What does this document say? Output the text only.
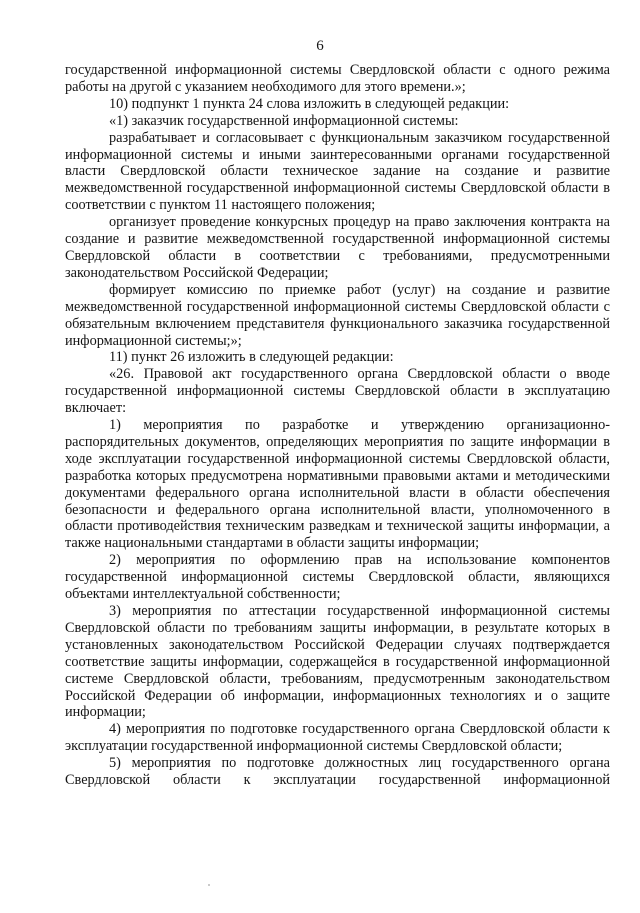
6

государственной информационной системы Свердловской области с одного режима работы на другой с указанием необходимого для этого времени.»;

10) подпункт 1 пункта 24 слова изложить в следующей редакции:

«1) заказчик государственной информационной системы:

разрабатывает и согласовывает с функциональным заказчиком государственной информационной системы и иными заинтересованными органами государственной власти Свердловской области техническое задание на создание и развитие межведомственной государственной информационной системы Свердловской области в соответствии с пунктом 11 настоящего положения;

организует проведение конкурсных процедур на право заключения контракта на создание и развитие межведомственной государственной информационной системы Свердловской области в соответствии с требованиями, предусмотренными законодательством Российской Федерации;

формирует комиссию по приемке работ (услуг) на создание и развитие межведомственной государственной информационной системы Свердловской области с обязательным включением представителя функционального заказчика государственной информационной системы;»;

11) пункт 26 изложить в следующей редакции:

«26. Правовой акт государственного органа Свердловской области о вводе государственной информационной системы Свердловской области в эксплуатацию включает:

1) мероприятия по разработке и утверждению организационно-распорядительных документов, определяющих мероприятия по защите информации в ходе эксплуатации государственной информационной системы Свердловской области, разработка которых предусмотрена нормативными правовыми актами и методическими документами федерального органа исполнительной власти в области обеспечения безопасности и федерального органа исполнительной власти, уполномоченного в области противодействия техническим разведкам и технической защиты информации, а также национальными стандартами в области защиты информации;

2) мероприятия по оформлению прав на использование компонентов государственной информационной системы Свердловской области, являющихся объектами интеллектуальной собственности;

3) мероприятия по аттестации государственной информационной системы Свердловской области по требованиям защиты информации, в результате которых в установленных законодательством Российской Федерации случаях подтверждается соответствие защиты информации, содержащейся в государственной информационной системе Свердловской области, требованиям, предусмотренным законодательством Российской Федерации об информации, информационных технологиях и о защите информации;

4) мероприятия по подготовке государственного органа Свердловской области к эксплуатации государственной информационной системы Свердловской области;

5) мероприятия по подготовке должностных лиц государственного органа Свердловской области к эксплуатации государственной информационной
